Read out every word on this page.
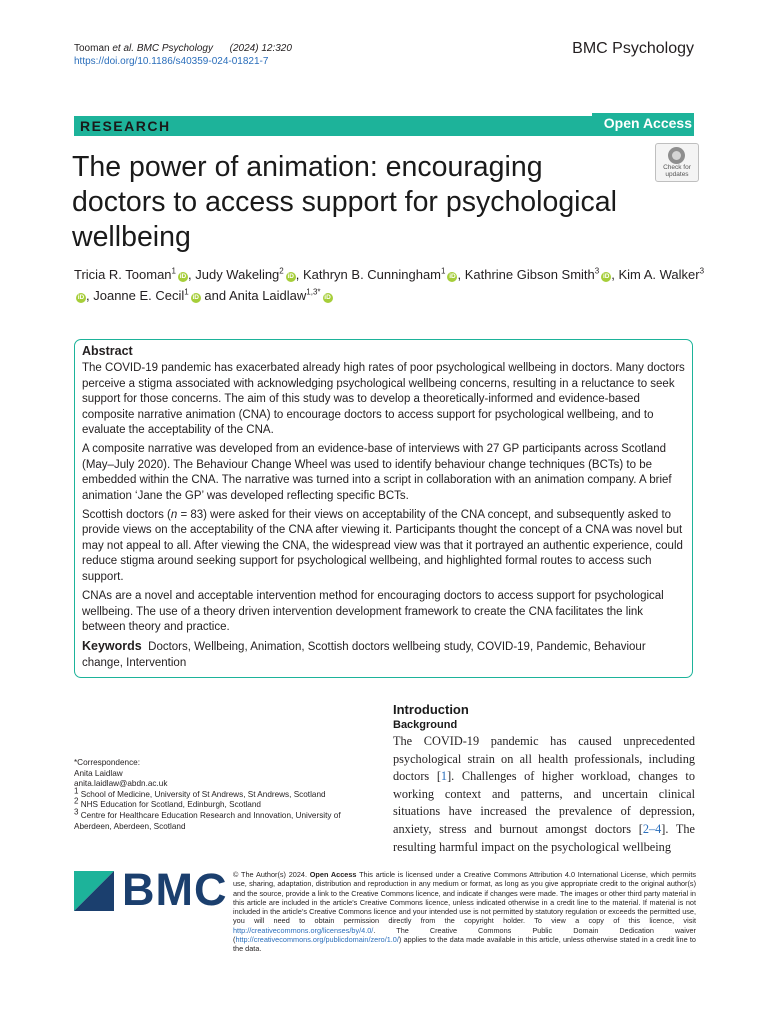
Tooman et al. BMC Psychology (2024) 12:320
https://doi.org/10.1186/s40359-024-01821-7
BMC Psychology
RESEARCH	Open Access
The power of animation: encouraging doctors to access support for psychological wellbeing
Check for
updates
Tricia R. Tooman$^1$iD , Judy Wakeling$^2$iD , Kathryn B. Cunningham$^1$iD , Kathrine Gibson Smith$^3$iD , Kim A. Walker$^3$iD , Joanne E. Cecil$^1$iD and Anita Laidlaw$^{1,3*}$iD
Abstract

The COVID-19 pandemic has exacerbated already high rates of poor psychological wellbeing in doctors. Many doctors perceive a stigma associated with acknowledging psychological wellbeing concerns, resulting in a reluctance to seek support for those concerns. The aim of this study was to develop a theoretically-informed and evidence-based composite narrative animation (CNA) to encourage doctors to access support for psychological wellbeing, and to evaluate the acceptability of the CNA.

A composite narrative was developed from an evidence-base of interviews with 27 GP participants across Scotland (May–July 2020). The Behaviour Change Wheel was used to identify behaviour change techniques (BCTs) to be embedded within the CNA. The narrative was turned into a script in collaboration with an animation company. A brief animation ‘Jane the GP’ was developed reflecting specific BCTs.

Scottish doctors (n = 83) were asked for their views on acceptability of the CNA concept, and subsequently asked to provide views on the acceptability of the CNA after viewing it. Participants thought the concept of a CNA was novel but may not appeal to all. After viewing the CNA, the widespread view was that it portrayed an authentic experience, could reduce stigma around seeking support for psychological wellbeing, and highlighted formal routes to access such support.

CNAs are a novel and acceptable intervention method for encouraging doctors to access support for psychological wellbeing. The use of a theory driven intervention development framework to create the CNA facilitates the link between theory and practice.

Keywords Doctors, Wellbeing, Animation, Scottish doctors wellbeing study, COVID-19, Pandemic, Behaviour change, Intervention

*Correspondence:
Anita Laidlaw
anita.laidlaw@abdn.ac.uk
$^1$ School of Medicine, University of St Andrews, St Andrews, Scotland
$^2$ NHS Education for Scotland, Edinburgh, Scotland
$^3$ Centre for Healthcare Education Research and Innovation, University of Aberdeen, Aberdeen, Scotland
Introduction
Background
The COVID-19 pandemic has caused unprecedented psychological strain on all health professionals, including doctors [1]. Challenges of higher workload, changes to working context and patterns, and uncertain clinical situations have increased the prevalence of depression, anxiety, stress and burnout amongst doctors [2–4]. The resulting harmful impact on the psychological wellbeing
BMC © The Author(s) 2024. Open Access This article is licensed under a Creative Commons Attribution 4.0 International License, which permits use, sharing, adaptation, distribution and reproduction in any medium or format, as long as you give appropriate credit to the original author(s) and the source, provide a link to the Creative Commons licence, and indicate if changes were made. The images or other third party material in this article are included in the article’s Creative Commons licence, unless indicated otherwise in a credit line to the material. If material is not included in the article’s Creative Commons licence and your intended use is not permitted by statutory regulation or exceeds the permitted use, you will need to obtain permission directly from the copyright holder. To view a copy of this licence, visit http://creativecommons.org/licenses/by/4.0/. The Creative Commons Public Domain Dedication waiver (http://creativecommons.org/publicdomain/zero/1.0/) applies to the data made available in this article, unless otherwise stated in a credit line to the data.
